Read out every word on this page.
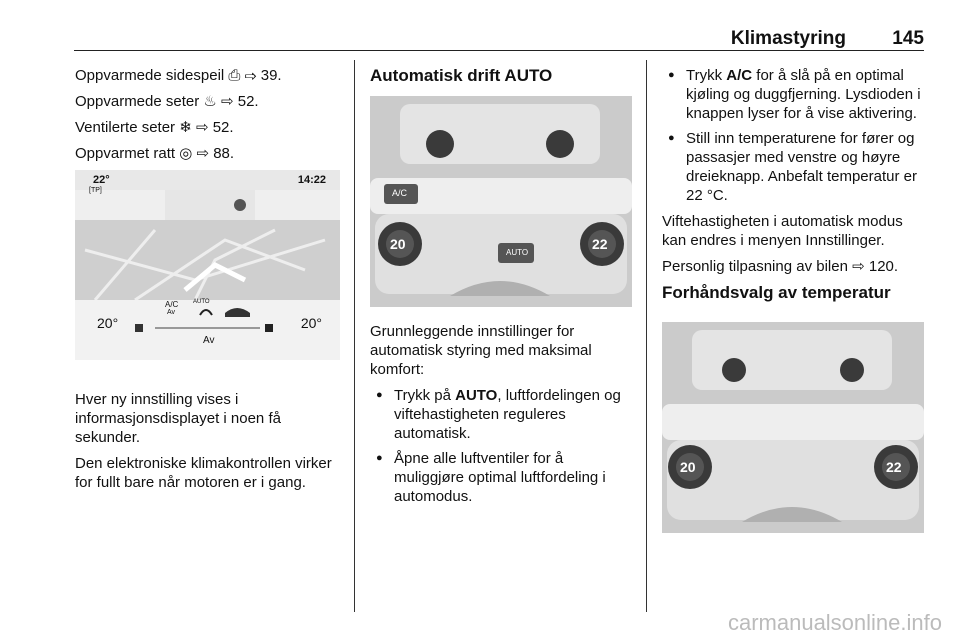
Klimastyring 145

Oppvarmede sidespeil ⎙ ⇨ 39.

Oppvarmede seter ♨ ⇨ 52.

Ventilerte seter ❄ ⇨ 52.

Oppvarmet ratt ◎ ⇨ 88.

22°
[TP]
14:22
A/C
Av
AUTO
20°	20°
Av

Hver ny innstilling vises i informasjonsdisplayet i noen få sekunder.

Den elektroniske klimakontrollen virker for fullt bare når motoren er i gang.

Automatisk drift AUTO
A/C
AUTO
20	22

Grunnleggende innstillinger for automatisk styring med maksimal komfort:

● Trykk på AUTO, luftfordelingen og viftehastigheten reguleres automatisk.
● Åpne alle luftventiler for å muliggjøre optimal luftfordeling i automodus.
● Trykk A/C for å slå på en optimal kjøling og duggfjerning. Lysdioden i knappen lyser for å vise aktivering.
● Still inn temperaturene for fører og passasjer med venstre og høyre dreieknapp. Anbefalt temperatur er 22 °C.

Viftehastigheten i automatisk modus kan endres i menyen Innstillinger.

Personlig tilpasning av bilen ⇨ 120.

Forhåndsvalg av temperatur
20	22
carmanualsonline.info
